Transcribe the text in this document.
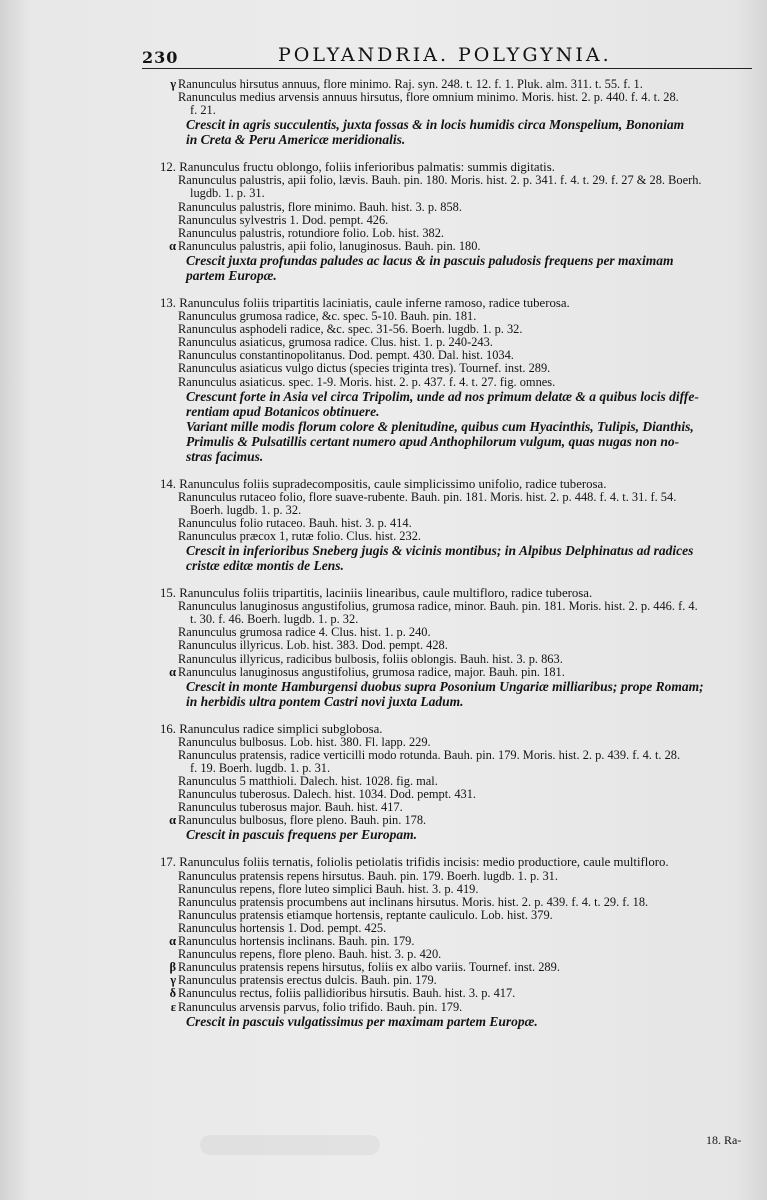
230	POLYANDRIA. POLYGYNIA.
γ Ranunculus hirsutus annuus, flore minimo. Raj. syn. 248. t. 12. f. 1. Pluk. alm. 311. t. 55. f. 1.
Ranunculus medius arvensis annuus hirsutus, flore omnium minimo. Moris. hist. 2. p. 440. f. 4. t. 28.
f. 21.
Crescit in agris succulentis, juxta fossas & in locis humidis circa Monspelium, Bononiam
in Creta & Peru Americæ meridionalis.
12. Ranunculus fructu oblongo, foliis inferioribus palmatis: summis digitatis.
Ranunculus palustris, apii folio, lævis. Bauh. pin. 180. Moris. hist. 2. p. 341. f. 4. t. 29. f. 27 & 28. Boerh.
lugdb. 1. p. 31.
Ranunculus palustris, flore minimo. Bauh. hist. 3. p. 858.
Ranunculus sylvestris 1. Dod. pempt. 426.
Ranunculus palustris, rotundiore folio. Lob. hist. 382.
α Ranunculus palustris, apii folio, lanuginosus. Bauh. pin. 180.
Crescit juxta profundas paludes ac lacus & in pascuis paludosis frequens per maximam
partem Europæ.
13. Ranunculus foliis tripartitis laciniatis, caule inferne ramoso, radice tuberosa.
Ranunculus grumosa radice, &c. spec. 5-10. Bauh. pin. 181.
Ranunculus asphodeli radice, &c. spec. 31-56. Boerh. lugdb. 1. p. 32.
Ranunculus asiaticus, grumosa radice. Clus. hist. 1. p. 240-243.
Ranunculus constantinopolitanus. Dod. pempt. 430. Dal. hist. 1034.
Ranunculus asiaticus vulgo dictus (species triginta tres). Tournef. inst. 289.
Ranunculus asiaticus. spec. 1-9. Moris. hist. 2. p. 437. f. 4. t. 27. fig. omnes.
Crescunt forte in Asia vel circa Tripolim, unde ad nos primum delatæ & a quibus locis diffe-
rentiam apud Botanicos obtinuere.
Variant mille modis florum colore & plenitudine, quibus cum Hyacinthis, Tulipis, Dianthis,
Primulis & Pulsatillis certant numero apud Anthophilorum vulgum, quas nugas non no-
stras facimus.
14. Ranunculus foliis supradecompositis, caule simplicissimo unifolio, radice tuberosa.
Ranunculus rutaceo folio, flore suave-rubente. Bauh. pin. 181. Moris. hist. 2. p. 448. f. 4. t. 31. f. 54.
Boerh. lugdb. 1. p. 32.
Ranunculus folio rutaceo. Bauh. hist. 3. p. 414.
Ranunculus præcox 1, rutæ folio. Clus. hist. 232.
Crescit in inferioribus Sneberg jugis & vicinis montibus; in Alpibus Delphinatus ad radices
cristæ editæ montis de Lens.
15. Ranunculus foliis tripartitis, laciniis linearibus, caule multifloro, radice tuberosa.
Ranunculus lanuginosus angustifolius, grumosa radice, minor. Bauh. pin. 181. Moris. hist. 2. p. 446. f. 4.
t. 30. f. 46. Boerh. lugdb. 1. p. 32.
Ranunculus grumosa radice 4. Clus. hist. 1. p. 240.
Ranunculus illyricus. Lob. hist. 383. Dod. pempt. 428.
Ranunculus illyricus, radicibus bulbosis, foliis oblongis. Bauh. hist. 3. p. 863.
α Ranunculus lanuginosus angustifolius, grumosa radice, major. Bauh. pin. 181.
Crescit in monte Hamburgensi duobus supra Posonium Ungariæ milliaribus; prope Romam;
in herbidis ultra pontem Castri novi juxta Ladum.
16. Ranunculus radice simplici subglobosa.
Ranunculus bulbosus. Lob. hist. 380. Fl. lapp. 229.
Ranunculus pratensis, radice verticilli modo rotunda. Bauh. pin. 179. Moris. hist. 2. p. 439. f. 4. t. 28.
f. 19. Boerh. lugdb. 1. p. 31.
Ranunculus 5 matthioli. Dalech. hist. 1028. fig. mal.
Ranunculus tuberosus. Dalech. hist. 1034. Dod. pempt. 431.
Ranunculus tuberosus major. Bauh. hist. 417.
α Ranunculus bulbosus, flore pleno. Bauh. pin. 178.
Crescit in pascuis frequens per Europam.
17. Ranunculus foliis ternatis, foliolis petiolatis trifidis incisis: medio productiore, caule multifloro.
Ranunculus pratensis repens hirsutus. Bauh. pin. 179. Boerh. lugdb. 1. p. 31.
Ranunculus repens, flore luteo simplici Bauh. hist. 3. p. 419.
Ranunculus pratensis procumbens aut inclinans hirsutus. Moris. hist. 2. p. 439. f. 4. t. 29. f. 18.
Ranunculus pratensis etiamque hortensis, reptante cauliculo. Lob. hist. 379.
Ranunculus hortensis 1. Dod. pempt. 425.
α Ranunculus hortensis inclinans. Bauh. pin. 179.
Ranunculus repens, flore pleno. Bauh. hist. 3. p. 420.
β Ranunculus pratensis repens hirsutus, foliis ex albo variis. Tournef. inst. 289.
γ Ranunculus pratensis erectus dulcis. Bauh. pin. 179.
δ Ranunculus rectus, foliis pallidioribus hirsutis. Bauh. hist. 3. p. 417.
ε Ranunculus arvensis parvus, folio trifido. Bauh. pin. 179.
Crescit in pascuis vulgatissimus per maximam partem Europæ.
18. Ra-
